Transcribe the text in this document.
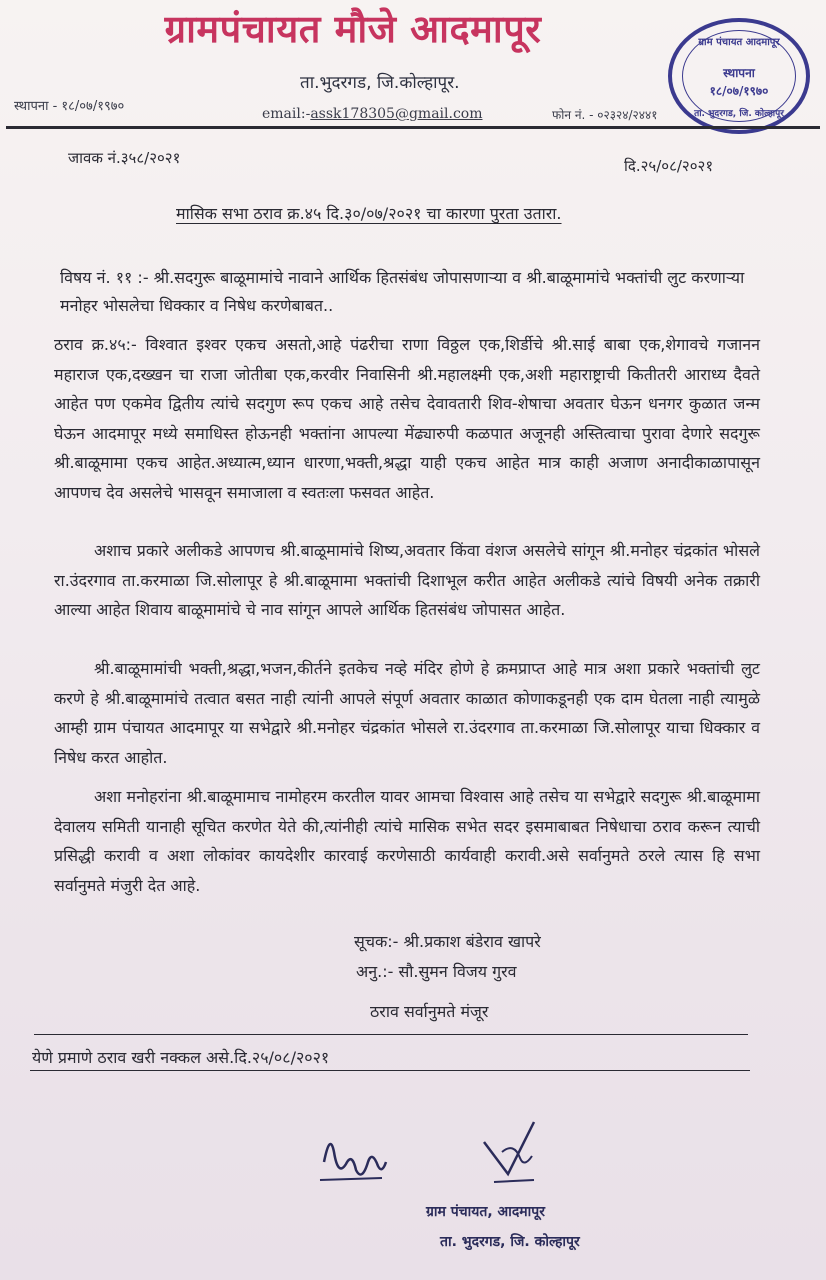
ग्रामपंचायत मौजे आदमापूर
ता.भुदरगड, जि.कोल्हापूर.
स्थापना - १८/०७/१९७०	email:-assk178305@gmail.com	फोन नं. - ०२३२४/२४४१
ग्राम पंचायत आदमापूर
स्थापना
१८/०७/१९७०
ता. भुदरगड, जि. कोल्हापूर
जावक नं.३५८/२०२१	दि.२५/०८/२०२१
मासिक सभा ठराव क्र.४५ दि.३०/०७/२०२१ चा कारणा पुरता उतारा.
विषय नं. ११ :- श्री.सदगुरू बाळूमामांचे नावाने आर्थिक हितसंबंध जोपासणाऱ्या व श्री.बाळूमामांचे भक्तांची लुट करणाऱ्या मनोहर भोसलेचा धिक्कार व निषेध करणेबाबत..
ठराव क्र.४५:- विश्वात इश्वर एकच असतो,आहे पंढरीचा राणा विठ्ठल एक,शिर्डीचे श्री.साई बाबा एक,शेगावचे गजानन महाराज एक,दख्खन चा राजा जोतीबा एक,करवीर निवासिनी श्री.महालक्ष्मी एक,अशी महाराष्ट्राची कितीतरी आराध्य दैवते आहेत पण एकमेव द्वितीय त्यांचे सदगुण रूप एकच आहे तसेच देवावतारी शिव-शेषाचा अवतार घेऊन धनगर कुळात जन्म घेऊन आदमापूर मध्ये समाधिस्त होऊनही भक्तांना आपल्या मेंढ्यारुपी कळपात अजूनही अस्तित्वाचा पुरावा देणारे सदगुरू श्री.बाळूमामा एकच आहेत.अध्यात्म,ध्यान धारणा,भक्ती,श्रद्धा याही एकच आहेत मात्र काही अजाण अनादीकाळापासून आपणच देव असलेचे भासवून समाजाला व स्वतःला फसवत आहेत.
अशाच प्रकारे अलीकडे आपणच श्री.बाळूमामांचे शिष्य,अवतार किंवा वंशज असलेचे सांगून श्री.मनोहर चंद्रकांत भोसले रा.उंदरगाव ता.करमाळा जि.सोलापूर हे श्री.बाळूमामा भक्तांची दिशाभूल करीत आहेत अलीकडे त्यांचे विषयी अनेक तक्रारी आल्या आहेत शिवाय बाळूमामांचे चे नाव सांगून आपले आर्थिक हितसंबंध जोपासत आहेत.
श्री.बाळूमामांची भक्ती,श्रद्धा,भजन,कीर्तने इतकेच नव्हे मंदिर होणे हे क्रमप्राप्त आहे मात्र अशा प्रकारे भक्तांची लुट करणे हे श्री.बाळूमामांचे तत्वात बसत नाही त्यांनी आपले संपूर्ण अवतार काळात कोणाकडूनही एक दाम घेतला नाही त्यामुळे आम्ही ग्राम पंचायत आदमापूर या सभेद्वारे श्री.मनोहर चंद्रकांत भोसले रा.उंदरगाव ता.करमाळा जि.सोलापूर याचा धिक्कार व निषेध करत आहोत.
अशा मनोहरांना श्री.बाळूमामाच नामोहरम करतील यावर आमचा विश्वास आहे तसेच या सभेद्वारे सदगुरू श्री.बाळूमामा देवालय समिती यानाही सूचित करणेत येते की,त्यांनीही त्यांचे मासिक सभेत सदर इसमाबाबत निषेधाचा ठराव करून त्याची प्रसिद्धी करावी व अशा लोकांवर कायदेशीर कारवाई करणेसाठी कार्यवाही करावी.असे सर्वानुमते ठरले त्यास हि सभा सर्वानुमते मंजुरी देत आहे.
सूचक:- श्री.प्रकाश बंडेराव खापरे
अनु.:- सौ.सुमन विजय गुरव
ठराव सर्वानुमते मंजूर
येणे प्रमाणे ठराव खरी नक्कल असे.दि.२५/०८/२०२१
ग्राम पंचायत, आदमापूर
ता. भुदरगड, जि. कोल्हापूर
